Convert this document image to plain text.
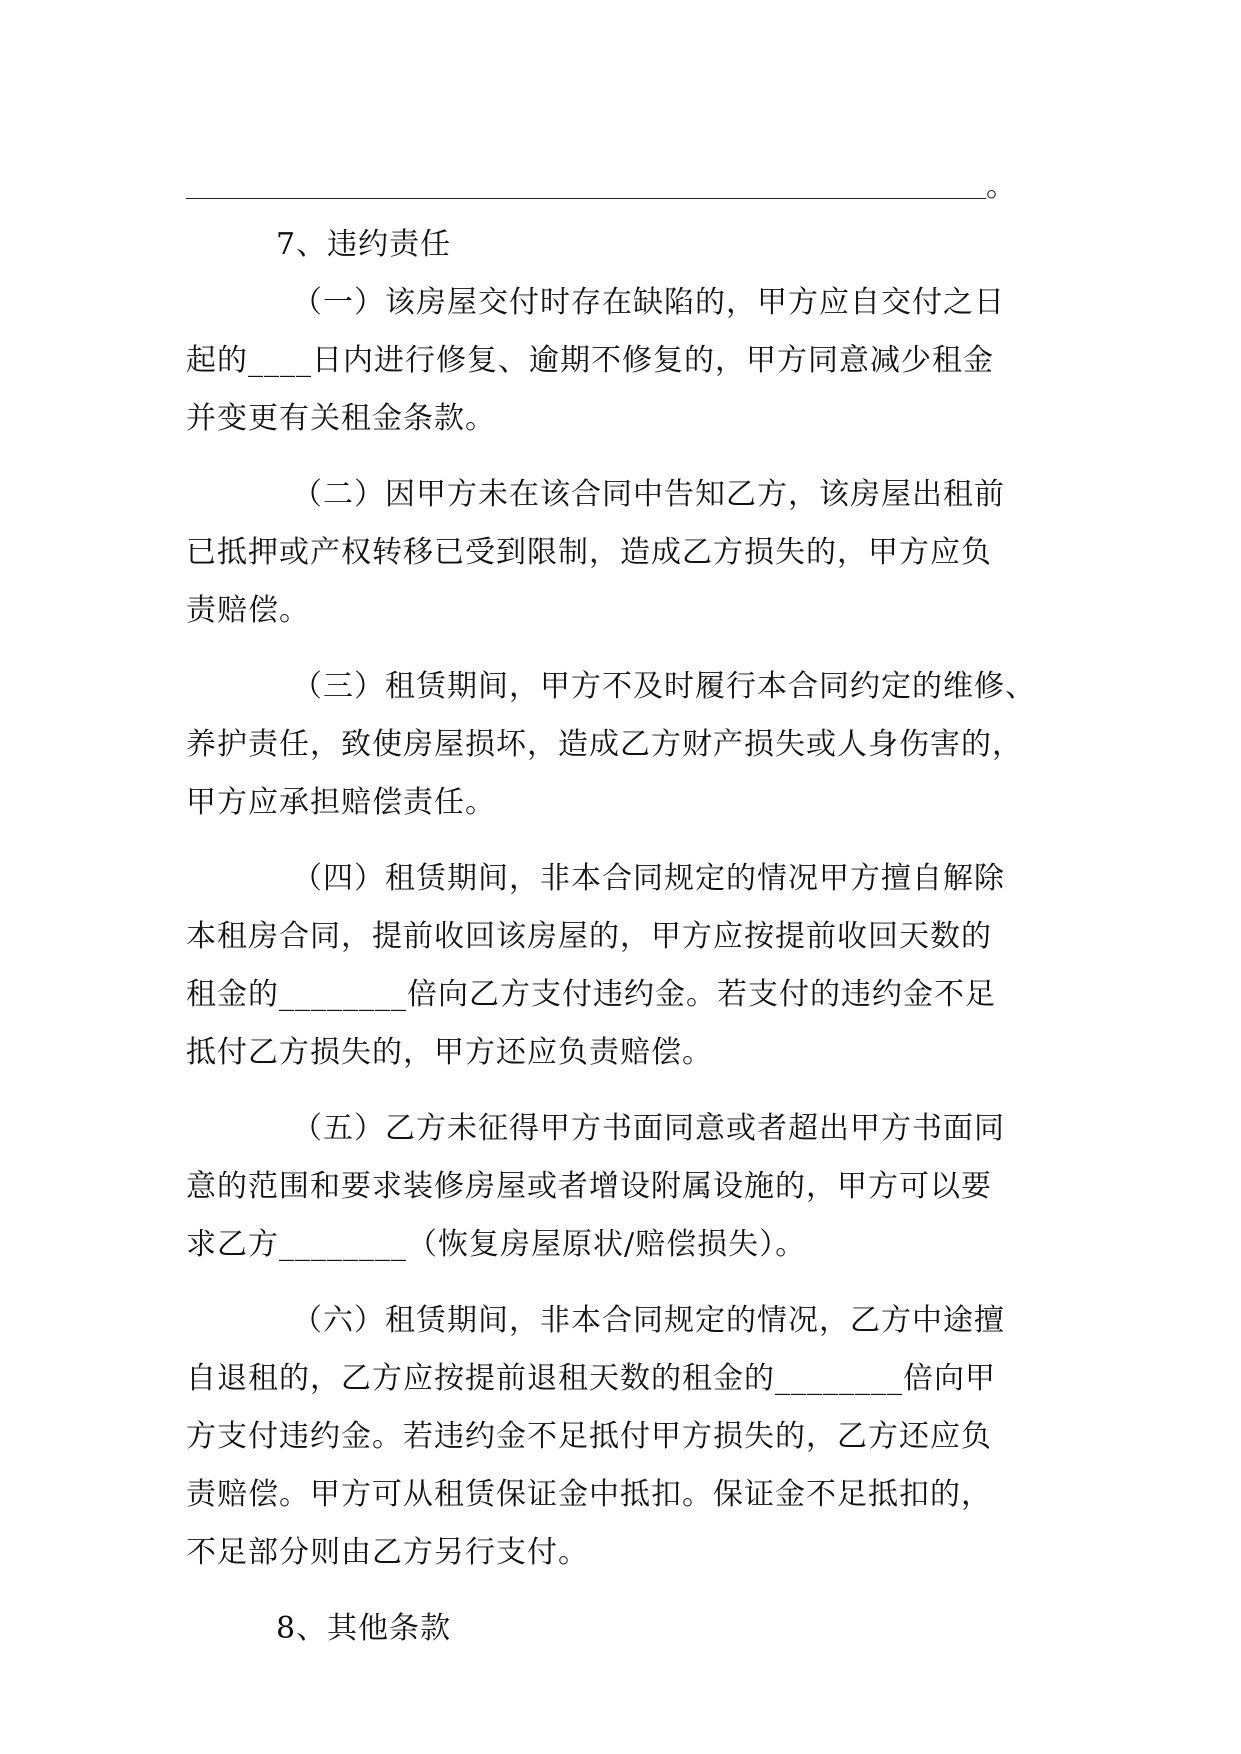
。
7、违约责任
（一）该房屋交付时存在缺陷的，甲方应自交付之日
起的____日内进行修复、逾期不修复的，甲方同意减少租金
并变更有关租金条款。
（二）因甲方未在该合同中告知乙方，该房屋出租前
已抵押或产权转移已受到限制，造成乙方损失的，甲方应负
责赔偿。
（三）租赁期间，甲方不及时履行本合同约定的维修、
养护责任，致使房屋损坏，造成乙方财产损失或人身伤害的，
甲方应承担赔偿责任。
（四）租赁期间，非本合同规定的情况甲方擅自解除
本租房合同，提前收回该房屋的，甲方应按提前收回天数的
租金的________倍向乙方支付违约金。若支付的违约金不足
抵付乙方损失的，甲方还应负责赔偿。
（五）乙方未征得甲方书面同意或者超出甲方书面同
意的范围和要求装修房屋或者增设附属设施的，甲方可以要
求乙方________（恢复房屋原状/赔偿损失）。
（六）租赁期间，非本合同规定的情况，乙方中途擅
自退租的，乙方应按提前退租天数的租金的________倍向甲
方支付违约金。若违约金不足抵付甲方损失的，乙方还应负
责赔偿。甲方可从租赁保证金中抵扣。保证金不足抵扣的，
不足部分则由乙方另行支付。
8、其他条款
